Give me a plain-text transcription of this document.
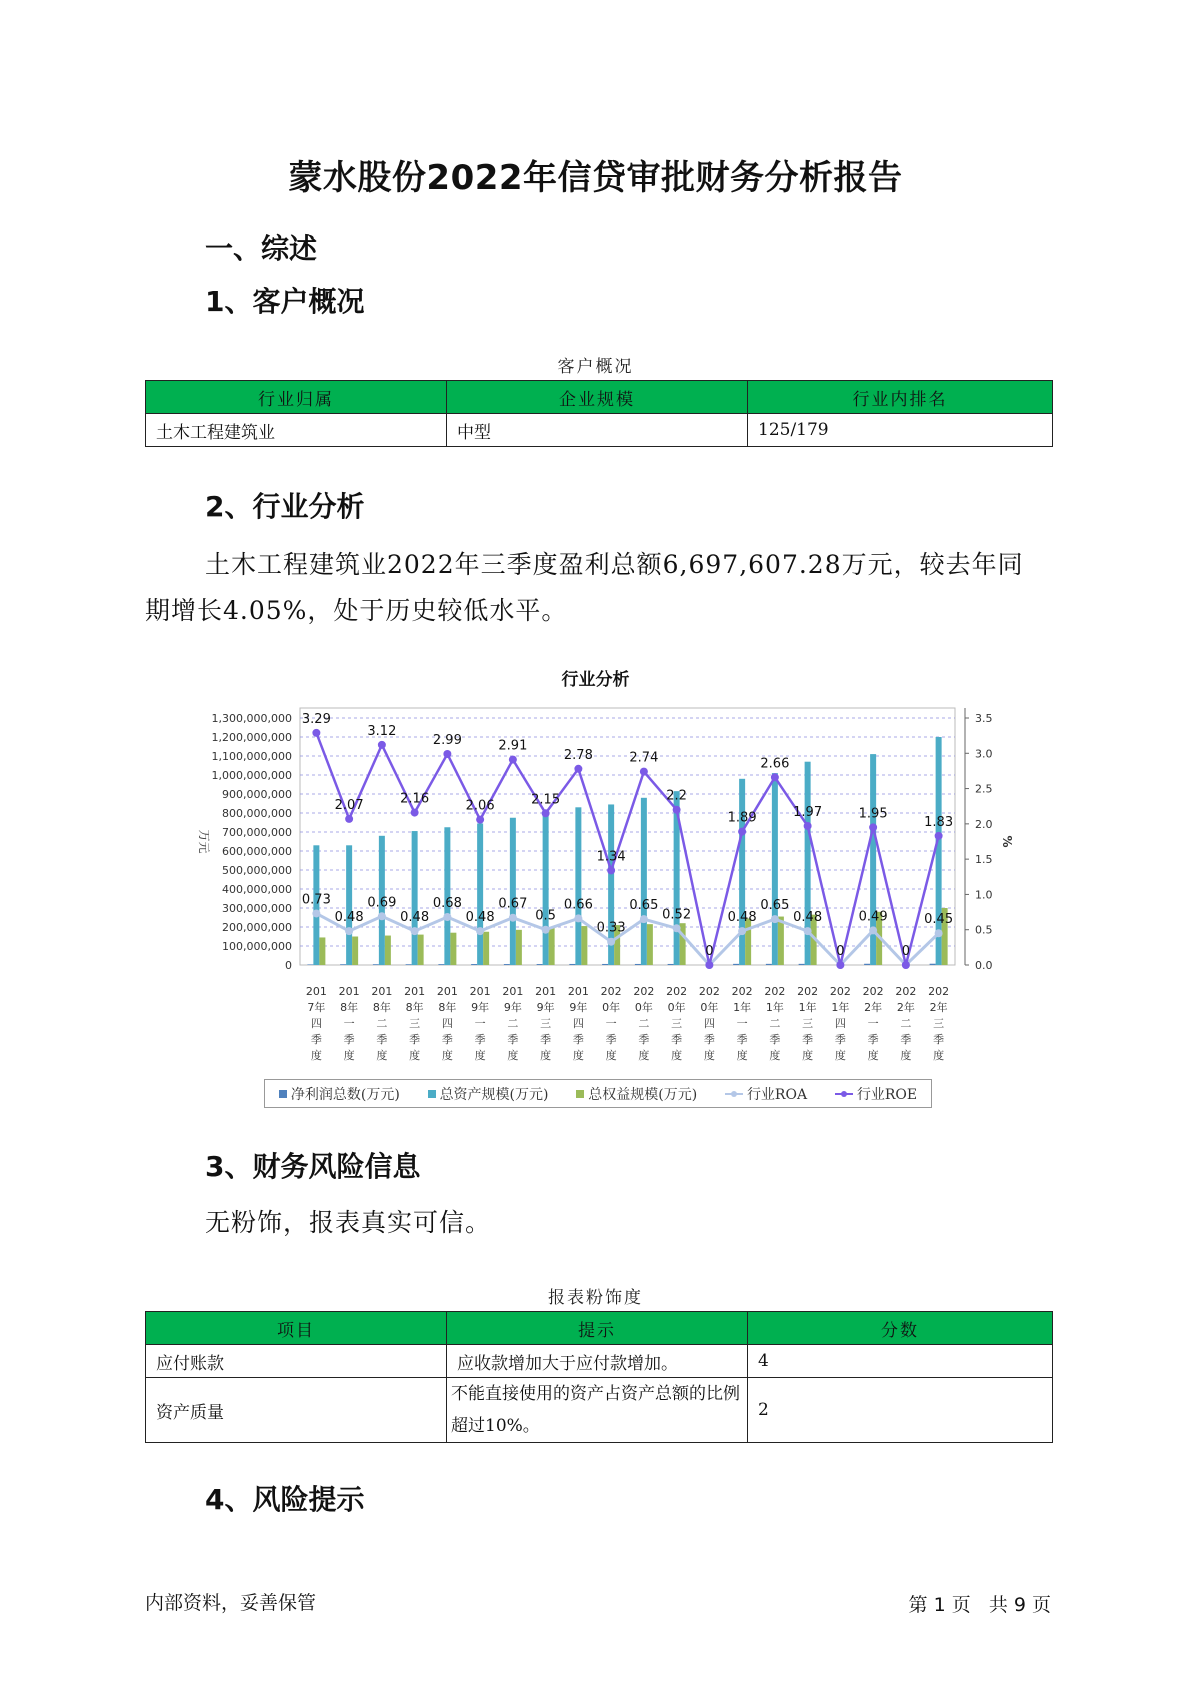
蒙水股份2022年信贷审批财务分析报告
一、综述
1、客户概况
客户概况
行业归属	企业规模	行业内排名
土木工程建筑业	中型	125/179
2、行业分析
土木工程建筑业2022年三季度盈利总额6,697,607.28万元，较去年同期增长4.05%，处于历史较低水平。
行业分析
0
100,000,000
200,000,000
300,000,000
400,000,000
500,000,000
600,000,000
700,000,000
800,000,000
900,000,000
1,000,000,000
1,100,000,000
1,200,000,000
1,300,000,000
0.0
0.5
1.0
1.5
2.0
2.5
3.0
3.5
万元	%
201
7年
四
季
度
201
8年
一
季
度
201
8年
二
季
度
201
8年
三
季
度
201
8年
四
季
度
201
9年
一
季
度
201
9年
二
季
度
201
9年
三
季
度
201
9年
四
季
度
202
0年
一
季
度
202
0年
二
季
度
202
0年
三
季
度
202
0年
四
季
度
202
1年
一
季
度
202
1年
二
季
度
202
1年
三
季
度
202
1年
四
季
度
202
2年
一
季
度
202
2年
二
季
度
202
2年
三
季
度
0.73
0.48
0.69
0.48
0.68
0.48
0.67
0.5
0.66
0.33
0.65
0.52	0.48
0.65
0.48	0.49	0.45
3.29
2.07
3.12
2.16
2.99
2.06
2.91
2.15
2.78
1.34
2.74
2.2
0
1.89
2.66
1.97
0
1.95
0
1.83
净利润总数(万元)	总资产规模(万元)	总权益规模(万元)	行业ROA	行业ROE
3、财务风险信息
无粉饰，报表真实可信。
报表粉饰度
项目	提示	分数
应付账款	应收款增加大于应付款增加。	4
资产质量	不能直接使用的资产占资产总额的比例超过10%。	2
4、风险提示
内部资料，妥善保管	第 1 页   共 9 页
